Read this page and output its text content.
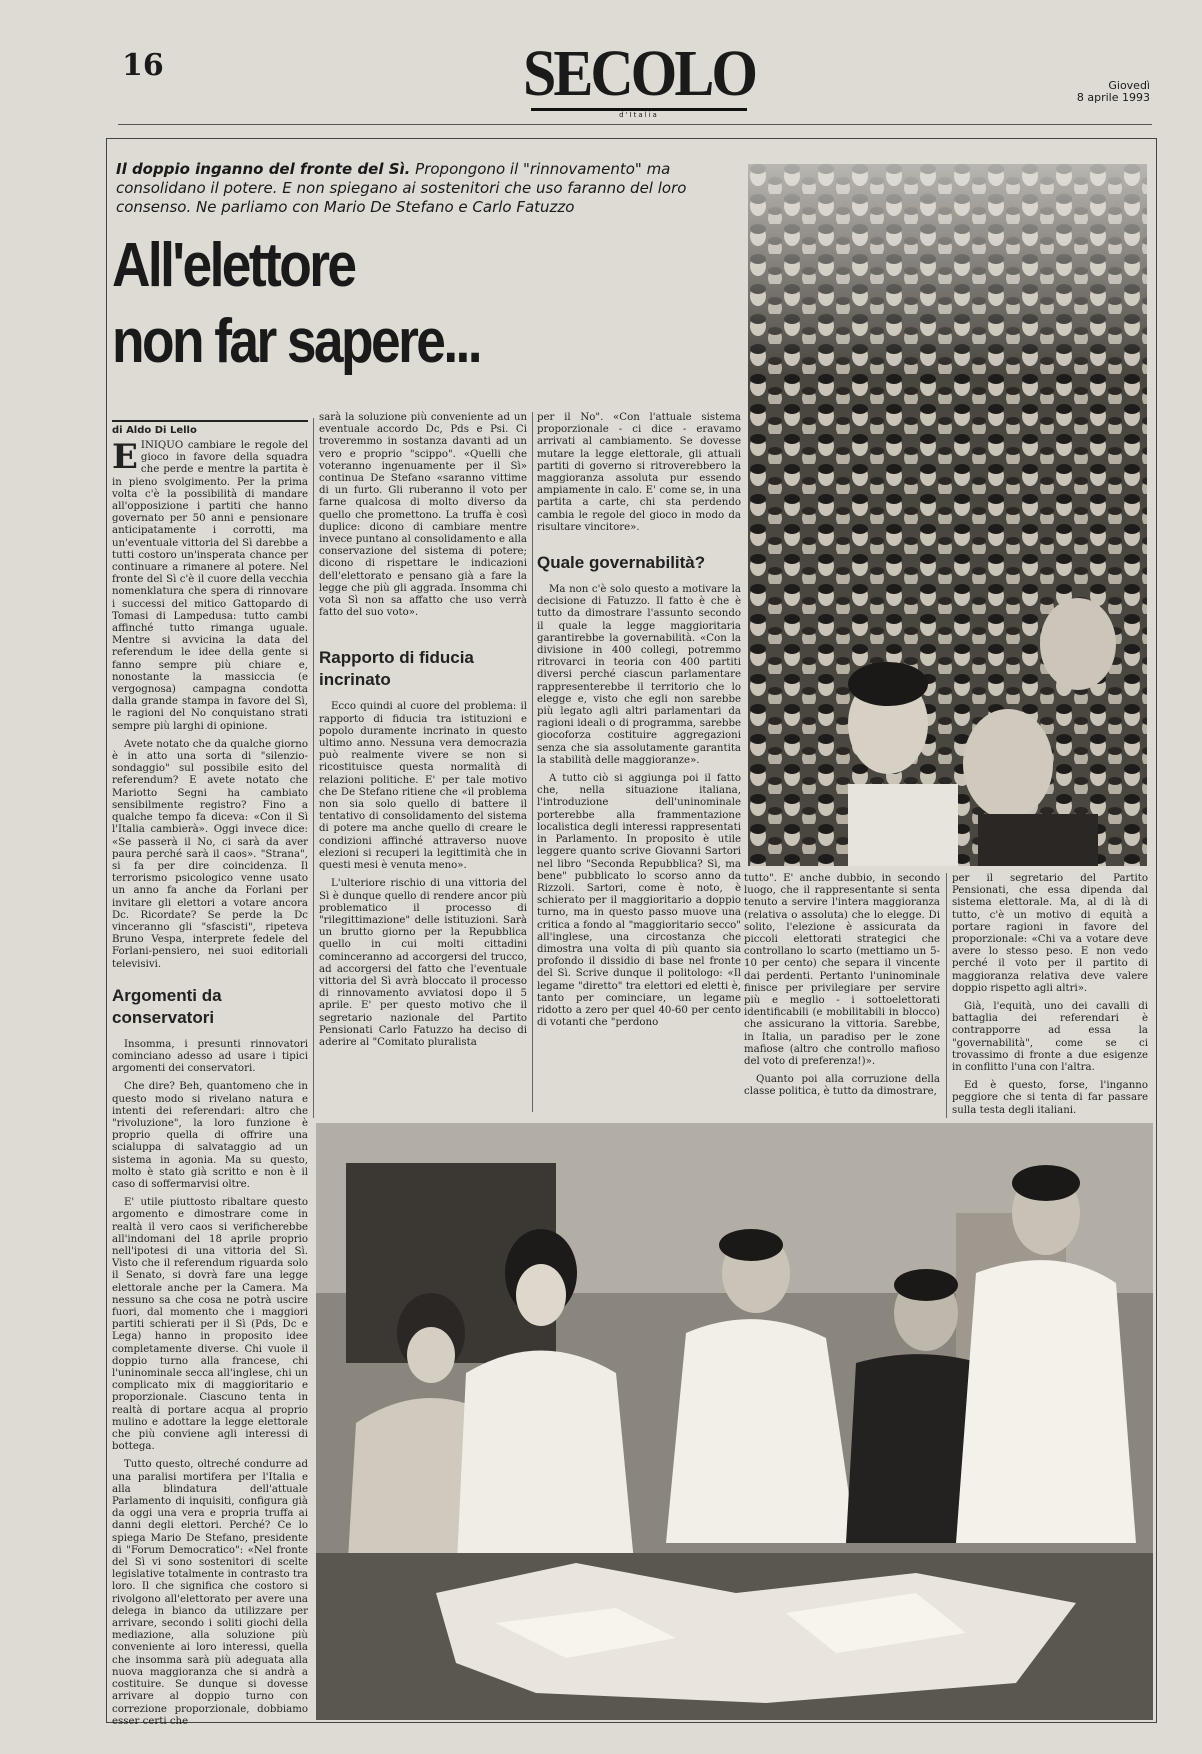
16	SECOLO
d'Italia
Giovedì
8 aprile 1993
Il doppio inganno del fronte del Sì. Propongono il "rinnovamento" ma consolidano il potere. E non spiegano ai sostenitori che uso faranno del loro consenso. Ne parliamo con Mario De Stefano e Carlo Fatuzzo
All'elettore
non far sapere...
di Aldo Di Lello

EINIQUO cambiare le regole del gioco in favore della squadra che perde e mentre la partita è in pieno svolgimento. Per la prima volta c'è la possibilità di mandare all'opposizione i partiti che hanno governato per 50 anni e pensionare anticipatamente i corrotti, ma un'eventuale vittoria del Sì darebbe a tutti costoro un'insperata chance per continuare a rimanere al potere. Nel fronte del Sì c'è il cuore della vecchia nomenklatura che spera di rinnovare i successi del mitico Gattopardo di Tomasi di Lampedusa: tutto cambi affinché tutto rimanga uguale. Mentre si avvicina la data del referendum le idee della gente si fanno sempre più chiare e, nonostante la massiccia (e vergognosa) campagna condotta dalla grande stampa in favore del Sì, le ragioni del No conquistano strati sempre più larghi di opinione.

Avete notato che da qualche giorno è in atto una sorta di "silenzio-sondaggio" sul possibile esito del referendum? E avete notato che Mariotto Segni ha cambiato sensibilmente registro? Fino a qualche tempo fa diceva: «Con il Sì l'Italia cambierà». Oggi invece dice: «Se passerà il No, ci sarà da aver paura perché sarà il caos». "Strana", si fa per dire coincidenza. Il terrorismo psicologico venne usato un anno fa anche da Forlani per invitare gli elettori a votare ancora Dc. Ricordate? Se perde la Dc vinceranno gli "sfascisti", ripeteva Bruno Vespa, interprete fedele del Forlani-pensiero, nei suoi editoriali televisivi.

Argomenti da conservatori

Insomma, i presunti rinnovatori cominciano adesso ad usare i tipici argomenti dei conservatori.

Che dire? Beh, quantomeno che in questo modo si rivelano natura e intenti dei referendari: altro che "rivoluzione", la loro funzione è proprio quella di offrire una scialuppa di salvataggio ad un sistema in agonia. Ma su questo, molto è stato già scritto e non è il caso di soffermarvisi oltre.

E' utile piuttosto ribaltare questo argomento e dimostrare come in realtà il vero caos si verificherebbe all'indomani del 18 aprile proprio nell'ipotesi di una vittoria del Sì. Visto che il referendum riguarda solo il Senato, si dovrà fare una legge elettorale anche per la Camera. Ma nessuno sa che cosa ne potrà uscire fuori, dal momento che i maggiori partiti schierati per il Sì (Pds, Dc e Lega) hanno in proposito idee completamente diverse. Chi vuole il doppio turno alla francese, chi l'uninominale secca all'inglese, chi un complicato mix di maggioritario e proporzionale. Ciascuno tenta in realtà di portare acqua al proprio mulino e adottare la legge elettorale che più conviene agli interessi di bottega.

Tutto questo, oltreché condurre ad una paralisi mortifera per l'Italia e alla blindatura dell'attuale Parlamento di inquisiti, configura già da oggi una vera e propria truffa ai danni degli elettori. Perché? Ce lo spiega Mario De Stefano, presidente di "Forum Democratico": «Nel fronte del Sì vi sono sostenitori di scelte legislative totalmente in contrasto tra loro. Il che significa che costoro si rivolgono all'elettorato per avere una delega in bianco da utilizzare per arrivare, secondo i soliti giochi della mediazione, alla soluzione più conveniente ai loro interessi, quella che insomma sarà più adeguata alla nuova maggioranza che si andrà a costituire. Se dunque si dovesse arrivare al doppio turno con correzione proporzionale, dobbiamo esser certi che

sarà la soluzione più conveniente ad un eventuale accordo Dc, Pds e Psi. Ci troveremmo in sostanza davanti ad un vero e proprio "scippo". «Quelli che voteranno ingenuamente per il Sì» continua De Stefano «saranno vittime di un furto. Gli ruberanno il voto per farne qualcosa di molto diverso da quello che promettono. La truffa è così duplice: dicono di cambiare mentre invece puntano al consolidamento e alla conservazione del sistema di potere; dicono di rispettare le indicazioni dell'elettorato e pensano già a fare la legge che più gli aggrada. Insomma chi vota Sì non sa affatto che uso verrà fatto del suo voto».

Rapporto di fiducia incrinato

Ecco quindi al cuore del problema: il rapporto di fiducia tra istituzioni e popolo duramente incrinato in questo ultimo anno. Nessuna vera democrazia può realmente vivere se non si ricostituisce questa normalità di relazioni politiche. E' per tale motivo che De Stefano ritiene che «il problema non sia solo quello di battere il tentativo di consolidamento del sistema di potere ma anche quello di creare le condizioni affinché attraverso nuove elezioni si recuperi la legittimità che in questi mesi è venuta meno».

L'ulteriore rischio di una vittoria del Sì è dunque quello di rendere ancor più problematico il processo di "rilegittimazione" delle istituzioni. Sarà un brutto giorno per la Repubblica quello in cui molti cittadini cominceranno ad accorgersi del trucco, ad accorgersi del fatto che l'eventuale vittoria del Sì avrà bloccato il processo di rinnovamento avviatosi dopo il 5 aprile. E' per questo motivo che il segretario nazionale del Partito Pensionati Carlo Fatuzzo ha deciso di aderire al "Comitato pluralista

per il No". «Con l'attuale sistema proporzionale - ci dice - eravamo arrivati al cambiamento. Se dovesse mutare la legge elettorale, gli attuali partiti di governo si ritroverebbero la maggioranza assoluta pur essendo ampiamente in calo. E' come se, in una partita a carte, chi sta perdendo cambia le regole del gioco in modo da risultare vincitore».

Quale governabilità?

Ma non c'è solo questo a motivare la decisione di Fatuzzo. Il fatto è che è tutto da dimostrare l'assunto secondo il quale la legge maggioritaria garantirebbe la governabilità. «Con la divisione in 400 collegi, potremmo ritrovarci in teoria con 400 partiti diversi perché ciascun parlamentare rappresenterebbe il territorio che lo elegge e, visto che egli non sarebbe più legato agli altri parlamentari da ragioni ideali o di programma, sarebbe giocoforza costituire aggregazioni senza che sia assolutamente garantita la stabilità delle maggioranze».

A tutto ciò si aggiunga poi il fatto che, nella situazione italiana, l'introduzione dell'uninominale porterebbe alla frammentazione localistica degli interessi rappresentati in Parlamento. In proposito è utile leggere quanto scrive Giovanni Sartori nel libro "Seconda Repubblica? Sì, ma bene" pubblicato lo scorso anno da Rizzoli. Sartori, come è noto, è schierato per il maggioritario a doppio turno, ma in questo passo muove una critica a fondo al "maggioritario secco" all'inglese, una circostanza che dimostra una volta di più quanto sia profondo il dissidio di base nel fronte del Sì. Scrive dunque il politologo: «Il legame "diretto" tra elettori ed eletti è, tanto per cominciare, un legame ridotto a zero per quel 40-60 per cento di votanti che "perdono

tutto". E' anche dubbio, in secondo luogo, che il rappresentante si senta tenuto a servire l'intera maggioranza (relativa o assoluta) che lo elegge. Di solito, l'elezione è assicurata da piccoli elettorati strategici che controllano lo scarto (mettiamo un 5-10 per cento) che separa il vincente dai perdenti. Pertanto l'uninominale finisce per privilegiare per servire più e meglio - i sottoelettorati identificabili (e mobilitabili in blocco) che assicurano la vittoria. Sarebbe, in Italia, un paradiso per le zone mafiose (altro che controllo mafioso del voto di preferenza!)».

Quanto poi alla corruzione della classe politica, è tutto da dimostrare,

per il segretario del Partito Pensionati, che essa dipenda dal sistema elettorale. Ma, al di là di tutto, c'è un motivo di equità a portare ragioni in favore del proporzionale: «Chi va a votare deve avere lo stesso peso. E non vedo perché il voto per il partito di maggioranza relativa deve valere doppio rispetto agli altri».

Già, l'equità, uno dei cavalli di battaglia dei referendari è contrapporre ad essa la "governabilità", come se ci trovassimo di fronte a due esigenze in conflitto l'una con l'altra.

Ed è questo, forse, l'inganno peggiore che si tenta di far passare sulla testa degli italiani.
